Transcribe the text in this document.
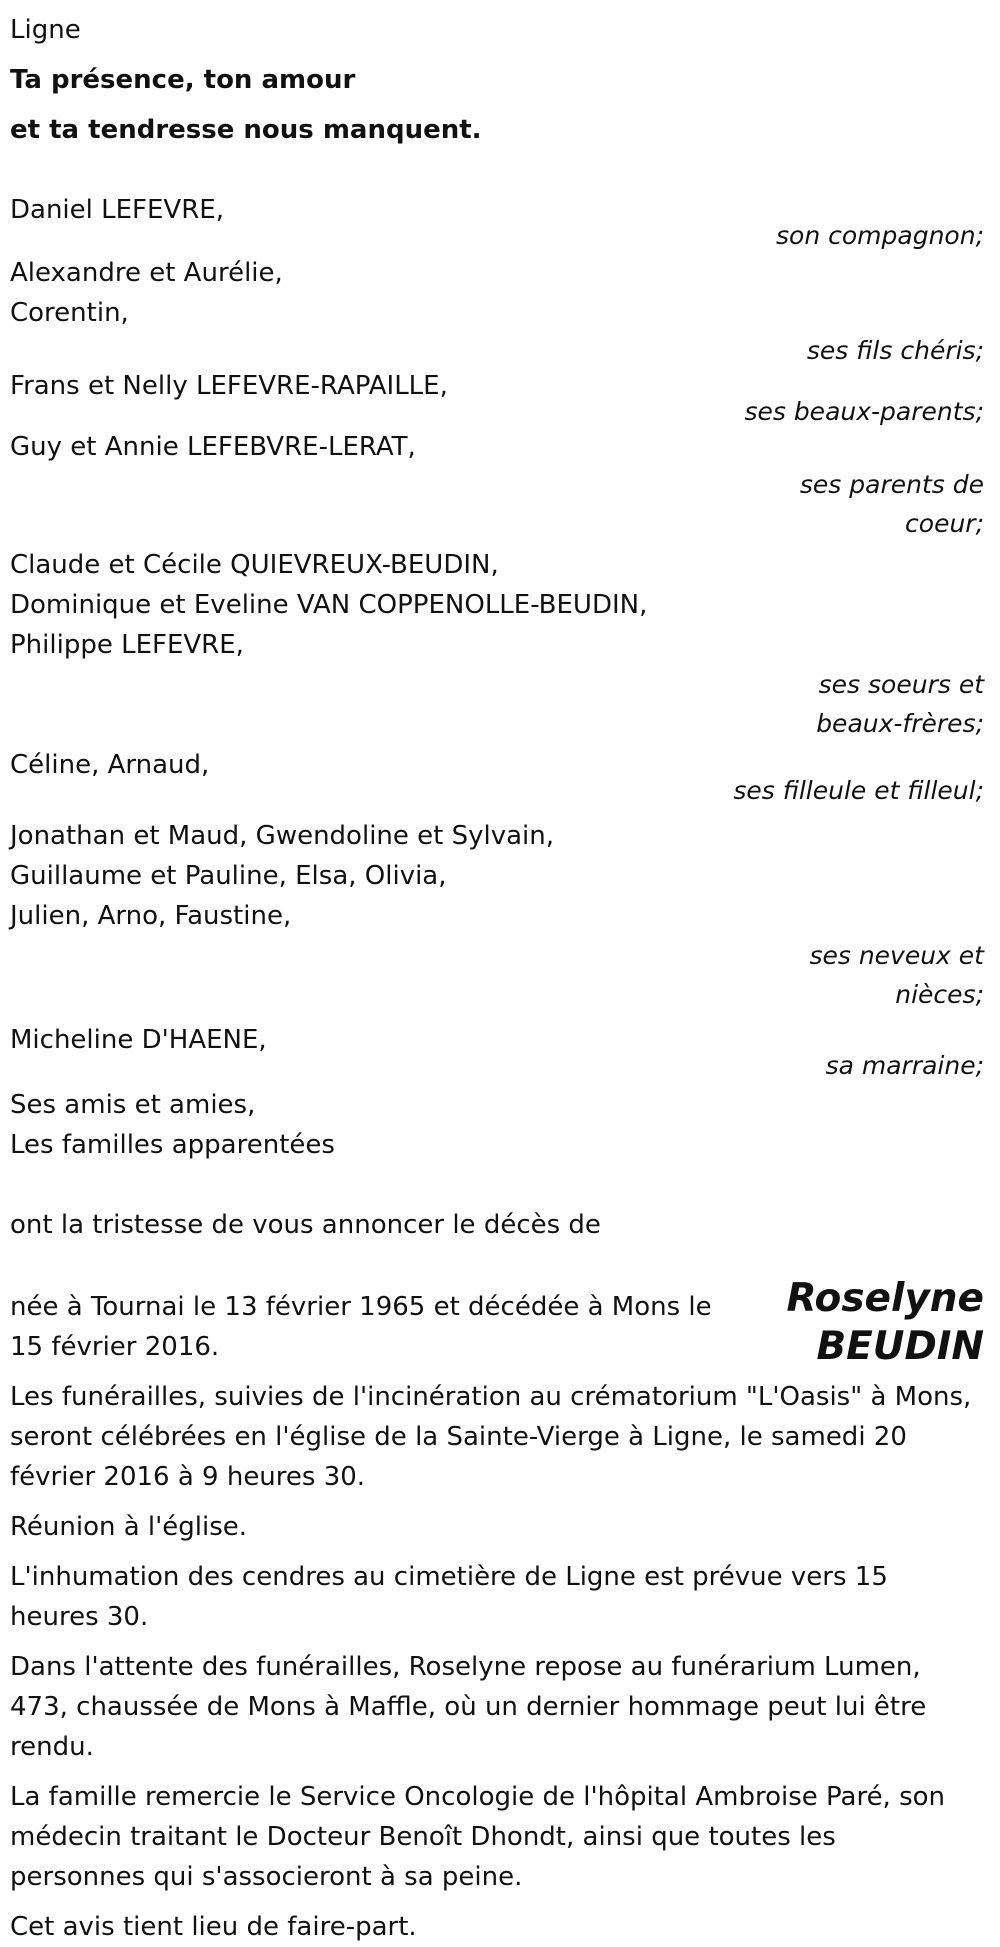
Ligne

Ta présence, ton amour

et ta tendresse nous manquent.

Daniel LEFEVRE,

son compagnon;

Alexandre et Aurélie,

Corentin,

ses fils chéris;

Frans et Nelly LEFEVRE-RAPAILLE,

ses beaux-parents;

Guy et Annie LEFEBVRE-LERAT,

ses parents de
coeur;

Claude et Cécile QUIEVREUX-BEUDIN,

Dominique et Eveline VAN COPPENOLLE-BEUDIN,

Philippe LEFEVRE,

ses soeurs et
beaux-frères;

Céline, Arnaud,

ses filleule et filleul;

Jonathan et Maud, Gwendoline et Sylvain,

Guillaume et Pauline, Elsa, Olivia,

Julien, Arno, Faustine,

ses neveux et
nièces;

Micheline D'HAENE,

sa marraine;

Ses amis et amies,

Les familles apparentées

ont la tristesse de vous annoncer le décès de

Roselyne
BEUDIN

née à Tournai le 13 février 1965 et décédée à Mons le 15 février 2016.

Les funérailles, suivies de l'incinération au crématorium "L'Oasis" à Mons, seront célébrées en l'église de la Sainte-Vierge à Ligne, le samedi 20 février 2016 à 9 heures 30.

Réunion à l'église.

L'inhumation des cendres au cimetière de Ligne est prévue vers 15 heures 30.

Dans l'attente des funérailles, Roselyne repose au funérarium Lumen, 473, chaussée de Mons à Maffle, où un dernier hommage peut lui être rendu.

La famille remercie le Service Oncologie de l'hôpital Ambroise Paré, son médecin traitant le Docteur Benoît Dhondt, ainsi que toutes les personnes qui s'associeront à sa peine.

Cet avis tient lieu de faire-part.
